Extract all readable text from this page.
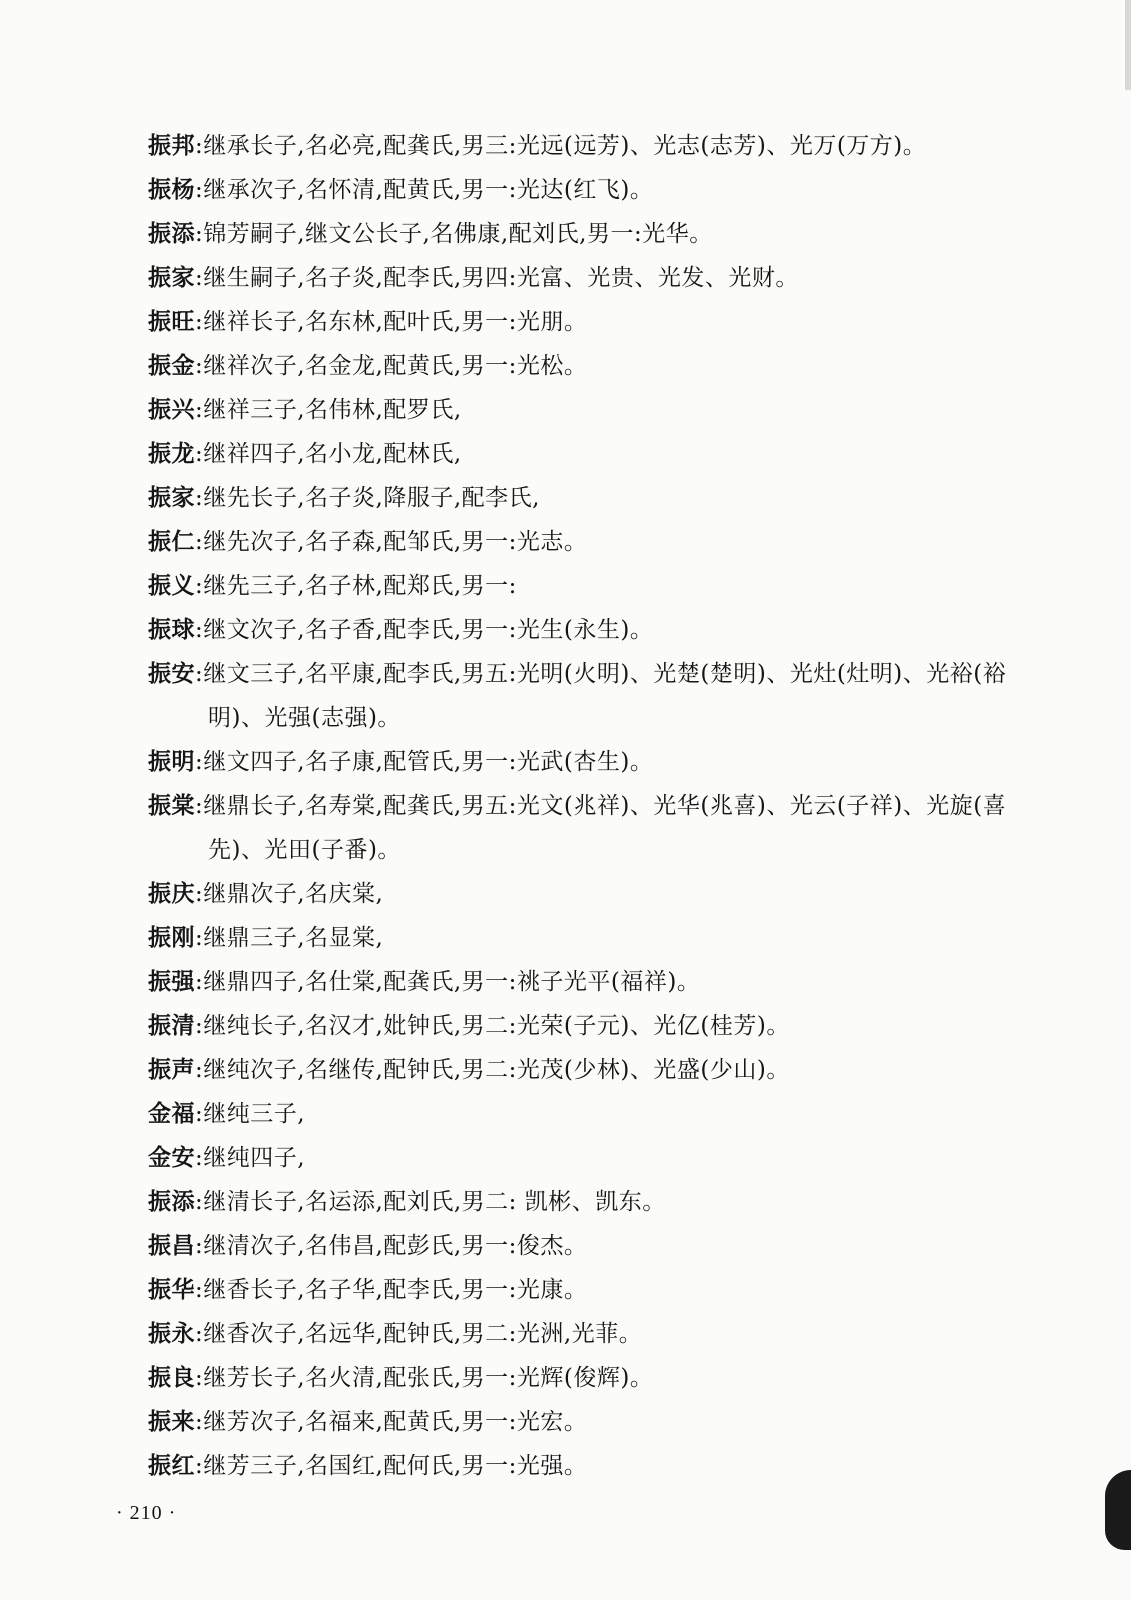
振邦:继承长子,名必亮,配龚氏,男三:光远(远芳)、光志(志芳)、光万(万方)。
振杨:继承次子,名怀清,配黄氏,男一:光达(红飞)。
振添:锦芳嗣子,继文公长子,名佛康,配刘氏,男一:光华。
振家:继生嗣子,名子炎,配李氏,男四:光富、光贵、光发、光财。
振旺:继祥长子,名东林,配叶氏,男一:光朋。
振金:继祥次子,名金龙,配黄氏,男一:光松。
振兴:继祥三子,名伟林,配罗氏,
振龙:继祥四子,名小龙,配林氏,
振家:继先长子,名子炎,降服子,配李氏,
振仁:继先次子,名子森,配邹氏,男一:光志。
振义:继先三子,名子林,配郑氏,男一:
振球:继文次子,名子香,配李氏,男一:光生(永生)。
振安:继文三子,名平康,配李氏,男五:光明(火明)、光楚(楚明)、光灶(灶明)、光裕(裕明)、光强(志强)。
振明:继文四子,名子康,配管氏,男一:光武(杏生)。
振棠:继鼎长子,名寿棠,配龚氏,男五:光文(兆祥)、光华(兆喜)、光云(子祥)、光旋(喜先)、光田(子番)。
振庆:继鼎次子,名庆棠,
振刚:继鼎三子,名显棠,
振强:继鼎四子,名仕棠,配龚氏,男一:祧子光平(福祥)。
振清:继纯长子,名汉才,妣钟氏,男二:光荣(子元)、光亿(桂芳)。
振声:继纯次子,名继传,配钟氏,男二:光茂(少林)、光盛(少山)。
金福:继纯三子,
金安:继纯四子,
振添:继清长子,名运添,配刘氏,男二: 凯彬、凯东。
振昌:继清次子,名伟昌,配彭氏,男一:俊杰。
振华:继香长子,名子华,配李氏,男一:光康。
振永:继香次子,名远华,配钟氏,男二:光洲,光菲。
振良:继芳长子,名火清,配张氏,男一:光辉(俊辉)。
振来:继芳次子,名福来,配黄氏,男一:光宏。
振红:继芳三子,名国红,配何氏,男一:光强。
· 210 ·
